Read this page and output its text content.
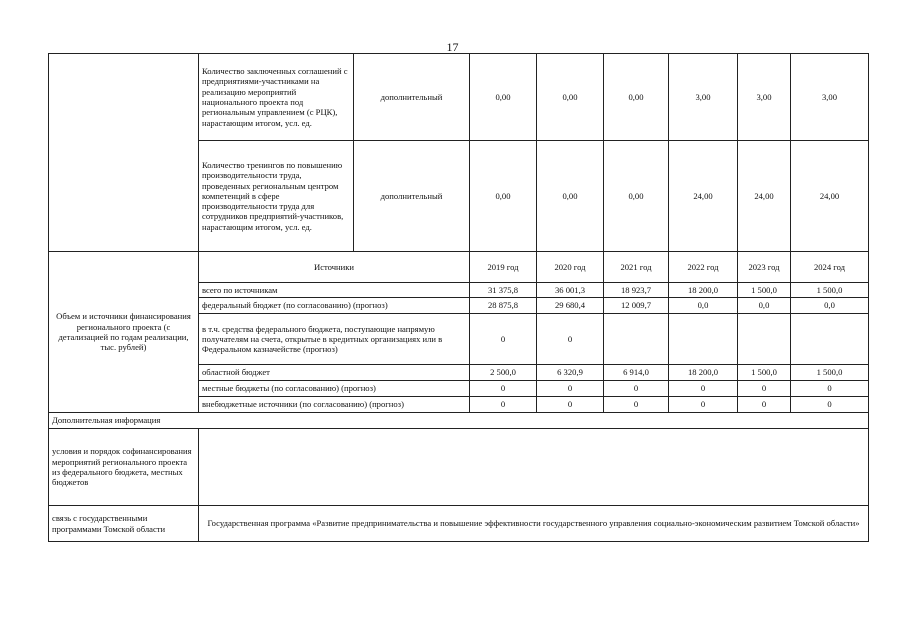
17
	Количество заключенных соглашений с предприятиями-участниками на реализацию мероприятий национального проекта под региональным управлением (с РЦК), нарастающим итогом, усл. ед.	дополнительный	0,00	0,00	0,00	3,00	3,00	3,00
	Количество тренингов по повышению производительности труда, проведенных региональным центром компетенций в сфере производительности труда для сотрудников предприятий-участников, нарастающим итогом, усл. ед.	дополнительный	0,00	0,00	0,00	24,00	24,00	24,00
Объем и источники финансирования регионального проекта (с детализацией по годам реализации, тыс. рублей)	Источники		2019 год	2020 год	2021 год	2022 год	2023 год	2024 год
	всего по источникам		31 375,8	36 001,3	18 923,7	18 200,0	1 500,0	1 500,0
	федеральный бюджет (по согласованию) (прогноз)		28 875,8	29 680,4	12 009,7	0,0	0,0	0,0
	в т.ч. средства федерального бюджета, поступающие напрямую получателям на счета, открытые в кредитных организациях или в Федеральном казначействе (прогноз)		0	0				
	областной бюджет		2 500,0	6 320,9	6 914,0	18 200,0	1 500,0	1 500,0
	местные бюджеты (по согласованию) (прогноз)		0	0	0	0	0	0
	внебюджетные источники (по согласованию) (прогноз)		0	0	0	0	0	0
Дополнительная информация								
условия и порядок софинансирования мероприятий регионального проекта из федерального бюджета, местных бюджетов								
связь с государственными программами Томской области	Государственная программа «Развитие предпринимательства и повышение эффективности государственного управления социально-экономическим развитием Томской области»							
